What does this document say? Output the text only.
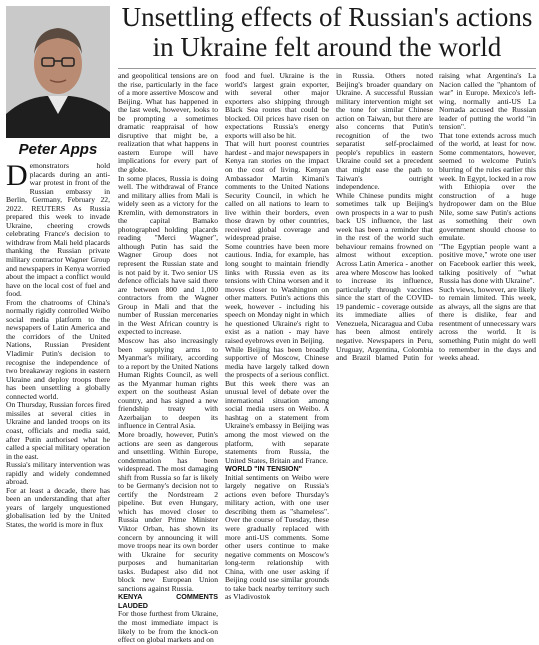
Unsettling effects of Russian's actions in Ukraine felt around the world
Peter Apps

Demonstrators hold placards during an anti-war protest in front of the Russian embassy in Berlin, Germany, February 22, 2022. REUTERS As Russia prepared this week to invade Ukraine, cheering crowds celebrating France's decision to withdraw from Mali held placards thanking the Russian private military contractor Wagner Group and newspapers in Kenya worried about the impact a conflict would have on the local cost of fuel and food.

From the chatrooms of China's normally rigidly controlled Weibo social media platform to the newspapers of Latin America and the corridors of the United Nations, Russian President Vladimir Putin's decision to recognise the independence of two breakaway regions in eastern Ukraine and deploy troops there has been unsettling a globally connected world.

On Thursday, Russian forces fired missiles at several cities in Ukraine and landed troops on its coast, officials and media said, after Putin authorised what he called a special military operation in the east.

Russia's military intervention was rapidly and widely condemned abroad.

For at least a decade, there has been an understanding that after years of largely unquestioned globalisation led by the United States, the world is more in flux

and geopolitical tensions are on the rise, particularly in the face of a more assertive Moscow and Beijing. What has happened in the last week, however, looks to be prompting a sometimes dramatic reappraisal of how disruptive that might be, a realization that what happens in eastern Europe will have implications for every part of the globe.

In some places, Russia is doing well. The withdrawal of France and military allies from Mali is widely seen as a victory for the Kremlin, with demonstrators in the capital Bamako photographed holding placards reading "Merci Wagner", although Putin has said the Wagner Group does not represent the Russian state and is not paid by it. Two senior US defence officials have said there are between 800 and 1,000 contractors from the Wagner Group in Mali and that the number of Russian mercenaries in the West African country is expected to increase.

Moscow has also increasingly been supplying arms to Myanmar's military, according to a report by the United Nations Human Rights Council, as well as the Myanmar human rights expert on the southeast Asian country, and has signed a new friendship treaty with Azerbaijan to deepen its influence in Central Asia.

More broadly, however, Putin's actions are seen as dangerous and unsettling. Within Europe, condemnation has been widespread. The most damaging shift from Russia so far is likely to be Germany's decision not to certify the Nordstream 2 pipeline. But even Hungary, which has moved closer to Russia under Prime Minister Viktor Orban, has shown its concern by announcing it will move troops near its own border with Ukraine for security purposes and humanitarian tasks. Budapest also did not block new European Union sanctions against Russia.

KENYA COMMENTS LAUDED

For those furthest from Ukraine, the most immediate impact is likely to be from the knock-on effect on global markets and on

food and fuel. Ukraine is the world's largest grain exporter, with several other major exporters also shipping through Black Sea routes that could be blocked. Oil prices have risen on expectations Russia's energy exports will also be hit.

That will hurt poorest countries hardest - and major newspapers in Kenya ran stories on the impact on the cost of living. Kenyan Ambassador Martin Kimani's comments to the United Nations Security Council, in which he called on all nations to learn to live within their borders, even those drawn by other countries, received global coverage and widespread praise.

Some countries have been more cautious. India, for example, has long sought to maintain friendly links with Russia even as its tensions with China worsen and it moves closer to Washington on other matters. Putin's actions this week, however - including his speech on Monday night in which he questioned Ukraine's right to exist as a nation - may have raised eyebrows even in Beijing.

While Beijing has been broadly supportive of Moscow, Chinese media have largely talked down the prospects of a serious conflict. But this week there was an unusual level of debate over the international situation among social media users on Weibo. A hashtag on a statement from Ukraine's embassy in Beijing was among the most viewed on the platform, with separate statements from Russia, the United States, Britain and France.

WORLD "IN TENSION"

Initial sentiments on Weibo were largely negative on Russia's actions even before Thursday's military action, with one user describing them as "shameless". Over the course of Tuesday, these were gradually replaced with more anti-US comments. Some other users continue to make negative comments on Moscow's long-term relationship with China, with one user asking if Beijing could use similar grounds to take back nearby territory such as Vladivostok

in Russia. Others noted Beijing's broader quandary on Ukraine. A successful Russian military intervention might set the tone for similar Chinese action on Taiwan, but there are also concerns that Putin's recognition of the two separatist self-proclaimed people's republics in eastern Ukraine could set a precedent that might ease the path to Taiwan's outright independence.

While Chinese pundits might sometimes talk up Beijing's own prospects in a war to push back US influence, the last week has been a reminder that in the rest of the world such behaviour remains frowned on almost without exception. Across Latin America - another area where Moscow has looked to increase its influence, particularly through vaccines since the start of the COVID-19 pandemic - coverage outside its immediate allies of Venezuela, Nicaragua and Cuba has been almost entirely negative. Newspapers in Peru, Uruguay, Argentina, Colombia and Brazil blamed Putin for raising what Argentina's La Nacion called the "phantom of war" in Europe. Mexico's left-wing, normally anti-US La Nornada accused the Russian leader of putting the world "in tension".

That tone extends across much of the world, at least for now. Some commentators, however, seemed to welcome Putin's blurring of the rules earlier this week. In Egypt, locked in a row with Ethiopia over the construction of a huge hydropower dam on the Blue Nile, some saw Putin's actions as something their own government should choose to emulate.

"The Egyptian people want a positive move," wrote one user on Facebook earlier this week, talking positively of "what Russia has done with Ukraine".

Such views, however, are likely to remain limited. This week, as always, all the signs are that there is dislike, fear and resentment of unnecessary wars across the world. It is something Putin might do well to remember in the days and weeks ahead.
